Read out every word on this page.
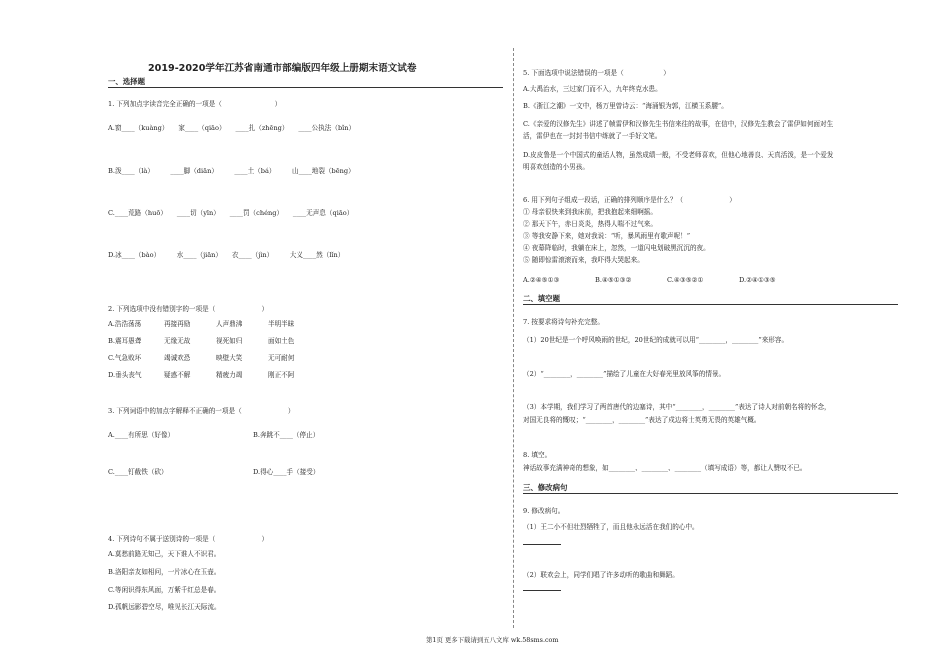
2019-2020学年江苏省南通市部编版四年级上册期末语文试卷
一、选择题
1. 下列加点字读音完全正确的一项是（　　　　　　　　）
A.窗____（kuàng）　　家____（qiāo）　　____扎（zhēng）　　____公执法（bǐn）
B.泼____（là）　　　____脚（diān）　　　____土（bá）　　　山____地裂（bēng）
C.____荒路（huō）　　____切（yīn）　　____罚（chéng）　　____无声息（qiāo）
D.冰____（bào）　　　水____（jiān）　　衣____（jìn）　　　大义____然（lǐn）
2. 下列选项中没有错别字的一项是（　　　　　　　）
A.浩浩荡荡	再接再励	人声鼎沸	半明半昧
B.震耳愚聋	无缘无故	视死如归	面如土色
C.气急败坏	竭诚欢恐	映壁大笑	无可耐何
D.垂头丧气	疑惑不解	精疲力竭	刚正不阿
3. 下列词语中的加点字解释不正确的一项是（　　　　　　　）
A.____有所思（好像）	B.奔跳不____（停止）
C.____钉截铁（砍）	D.得心____手（接受）
4. 下列诗句不属于送别诗的一项是（　　　　　　　）
A.莫愁前路无知己，天下谁人不识君。
B.洛阳亲友如相问，一片冰心在玉壶。
C.等闲识得东风面，万紫千红总是春。
D.孤帆远影碧空尽，唯见长江天际流。
5. 下面选项中说法错误的一项是（　　　　　　）
A.大禹治水，三过家门而不入，九年终克水患。
B.《浙江之潮》一文中，杨万里曾诗云：“海涌银为郭，江横玉系腰”。
C.《亲爱的汉修先生》讲述了帧雷伊和汉修先生书信来往的故事，在信中，汉修先生教会了雷伊如何面对生
活，雷伊也在一封封书信中练就了一手好文笔。
D.皮皮鲁是一个中国式的童话人物，虽然成绩一般，不受老师喜欢，但他心地善良、天真活泼，是一个爱发
明喜欢创造的小男孩。
6. 用下列句子组成一段话，正确的排列顺序是什么？（　　　　　　　）
① 母亲很快来到我床前，把我抱起来细啊摇。
② 那天下午，赤日炎炎，热得人喘不过气来。
③ 等我安静下来，她对我说：“听，暴风雨里有歌声呢！”
④ 夜幕降临时，我躺在床上，忽然，一道闪电划破黑沉沉的夜。
⑤ 随即惊雷滚滚而来，我吓得大哭起来。
A.②④⑤①③	B.④⑤①③②	C.④③⑤②①	D.②④①③⑤
二、填空题
7. 按要求将诗句补充完整。
（1）20世纪是一个呼风唤雨的世纪，20世纪的成就可以用“________，________”来形容。
（2）“________，________”描绘了儿童在大好春光里放风筝的情景。
（3）本学期，我们学习了两首唐代的边塞诗，其中“________，________”表达了诗人对前朝名将的怀念，
对国无良将的慨叹；“________，________”表达了戍边将士英勇无畏的英雄气概。
8. 填空。
神话故事充满神奇的想象，如________、________、________（填写成语）等，都让人赞叹不已。
三、修改病句
9. 修改病句。
（1）王二小不但壮烈牺牲了，而且他永远活在我们的心中。
（2）联欢会上，同学们唱了许多动听的歌曲和舞蹈。
第1页 更多下载请到五八文库 wk.58sms.com
